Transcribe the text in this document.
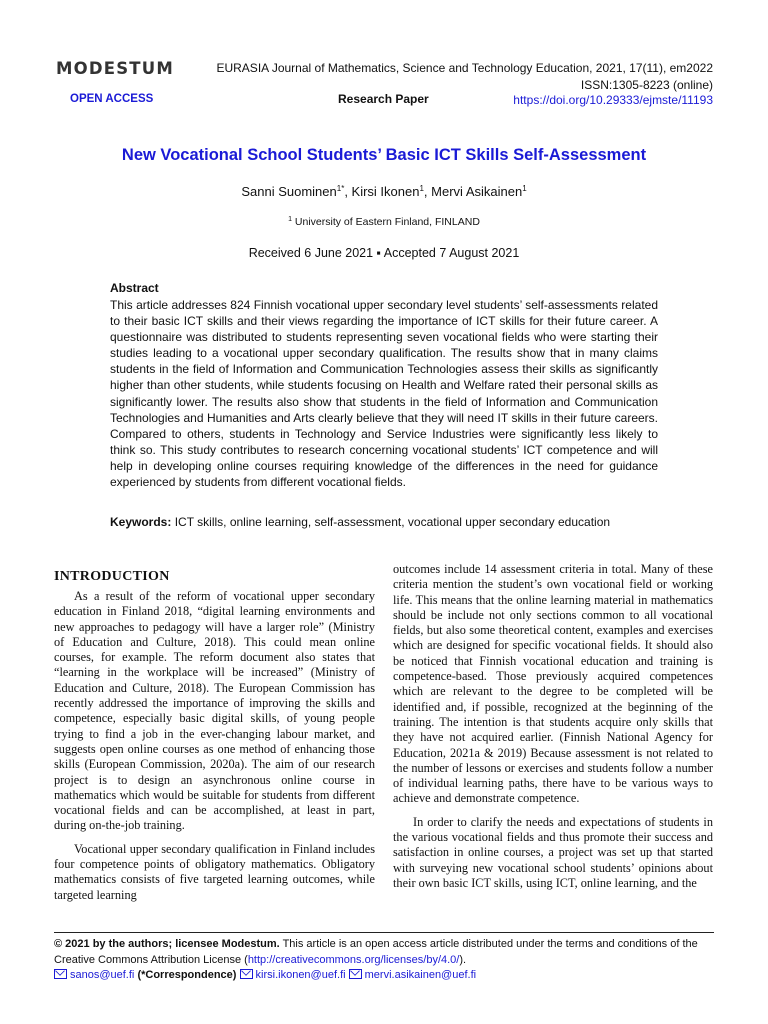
MODESTUM	EURASIA Journal of Mathematics, Science and Technology Education, 2021, 17(11), em2022
ISSN:1305-8223 (online)
OPEN ACCESS	Research Paper	https://doi.org/10.29333/ejmste/11193
New Vocational School Students’ Basic ICT Skills Self-Assessment
Sanni Suominen$^{1*}$, Kirsi Ikonen$^1$, Mervi Asikainen$^1$
$^1$ University of Eastern Finland, FINLAND
Received 6 June 2021 ▪ Accepted 7 August 2021
Abstract
This article addresses 824 Finnish vocational upper secondary level students’ self-assessments related to their basic ICT skills and their views regarding the importance of ICT skills for their future career. A questionnaire was distributed to students representing seven vocational fields who were starting their studies leading to a vocational upper secondary qualification. The results show that in many claims students in the field of Information and Communication Technologies assess their skills as significantly higher than other students, while students focusing on Health and Welfare rated their personal skills as significantly lower. The results also show that students in the field of Information and Communication Technologies and Humanities and Arts clearly believe that they will need IT skills in their future careers. Compared to others, students in Technology and Service Industries were significantly less likely to think so. This study contributes to research concerning vocational students’ ICT competence and will help in developing online courses requiring knowledge of the differences in the need for guidance experienced by students from different vocational fields.
Keywords: ICT skills, online learning, self-assessment, vocational upper secondary education
INTRODUCTION

As a result of the reform of vocational upper secondary education in Finland 2018, “digital learning environments and new approaches to pedagogy will have a larger role” (Ministry of Education and Culture, 2018). This could mean online courses, for example. The reform document also states that “learning in the workplace will be increased” (Ministry of Education and Culture, 2018). The European Commission has recently addressed the importance of improving the skills and competence, especially basic digital skills, of young people trying to find a job in the ever-changing labour market, and suggests open online courses as one method of enhancing those skills (European Commission, 2020a). The aim of our research project is to design an asynchronous online course in mathematics which would be suitable for students from different vocational fields and can be accomplished, at least in part, during on-the-job training.

Vocational upper secondary qualification in Finland includes four competence points of obligatory mathematics. Obligatory mathematics consists of five targeted learning outcomes, while targeted learning

outcomes include 14 assessment criteria in total. Many of these criteria mention the student’s own vocational field or working life. This means that the online learning material in mathematics should be include not only sections common to all vocational fields, but also some theoretical content, examples and exercises which are designed for specific vocational fields. It should also be noticed that Finnish vocational education and training is competence-based. Those previously acquired competences which are relevant to the degree to be completed will be identified and, if possible, recognized at the beginning of the training. The intention is that students acquire only skills that they have not acquired earlier. (Finnish National Agency for Education, 2021a & 2019) Because assessment is not related to the number of lessons or exercises and students follow a number of individual learning paths, there have to be various ways to achieve and demonstrate competence.

In order to clarify the needs and expectations of students in the various vocational fields and thus promote their success and satisfaction in online courses, a project was set up that started with surveying new vocational school students’ opinions about their own basic ICT skills, using ICT, online learning, and the

© 2021 by the authors; licensee Modestum. This article is an open access article distributed under the terms and conditions of the Creative Commons Attribution License (http://creativecommons.org/licenses/by/4.0/).
sanos@uef.fi (*Correspondence) kirsi.ikonen@uef.fi mervi.asikainen@uef.fi
